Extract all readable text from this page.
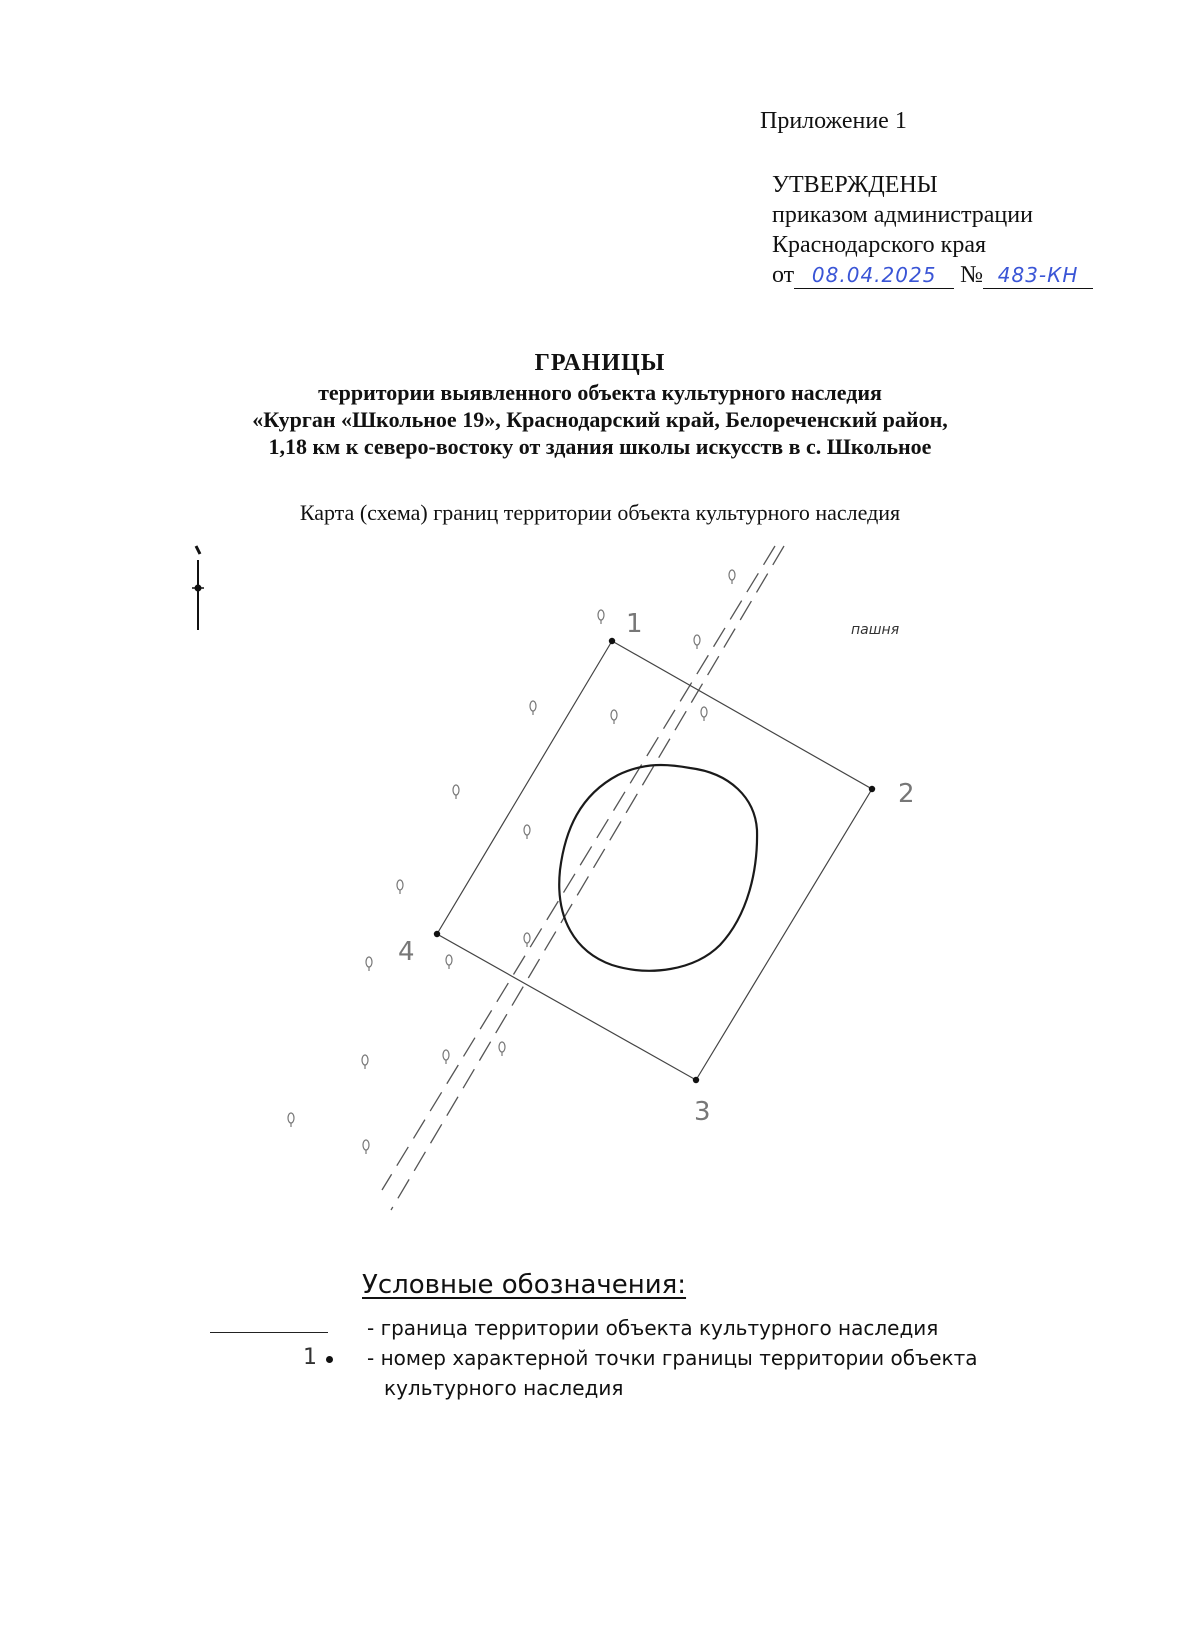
Приложение 1
УТВЕРЖДЕНЫ
приказом администрации
Краснодарского края
от 08.04.2025 № 483-КН
ГРАНИЦЫ
территории выявленного объекта культурного наследия
«Курган «Школьное 19», Краснодарский край, Белореченский район,
1,18 км к северо-востоку от здания школы искусств в с. Школьное
Карта (схема) границ территории объекта культурного наследия
1
2
3
4
пашня
Условные обозначения:
- граница территории объекта культурного наследия
1	- номер характерной точки границы территории объекта
культурного наследия
